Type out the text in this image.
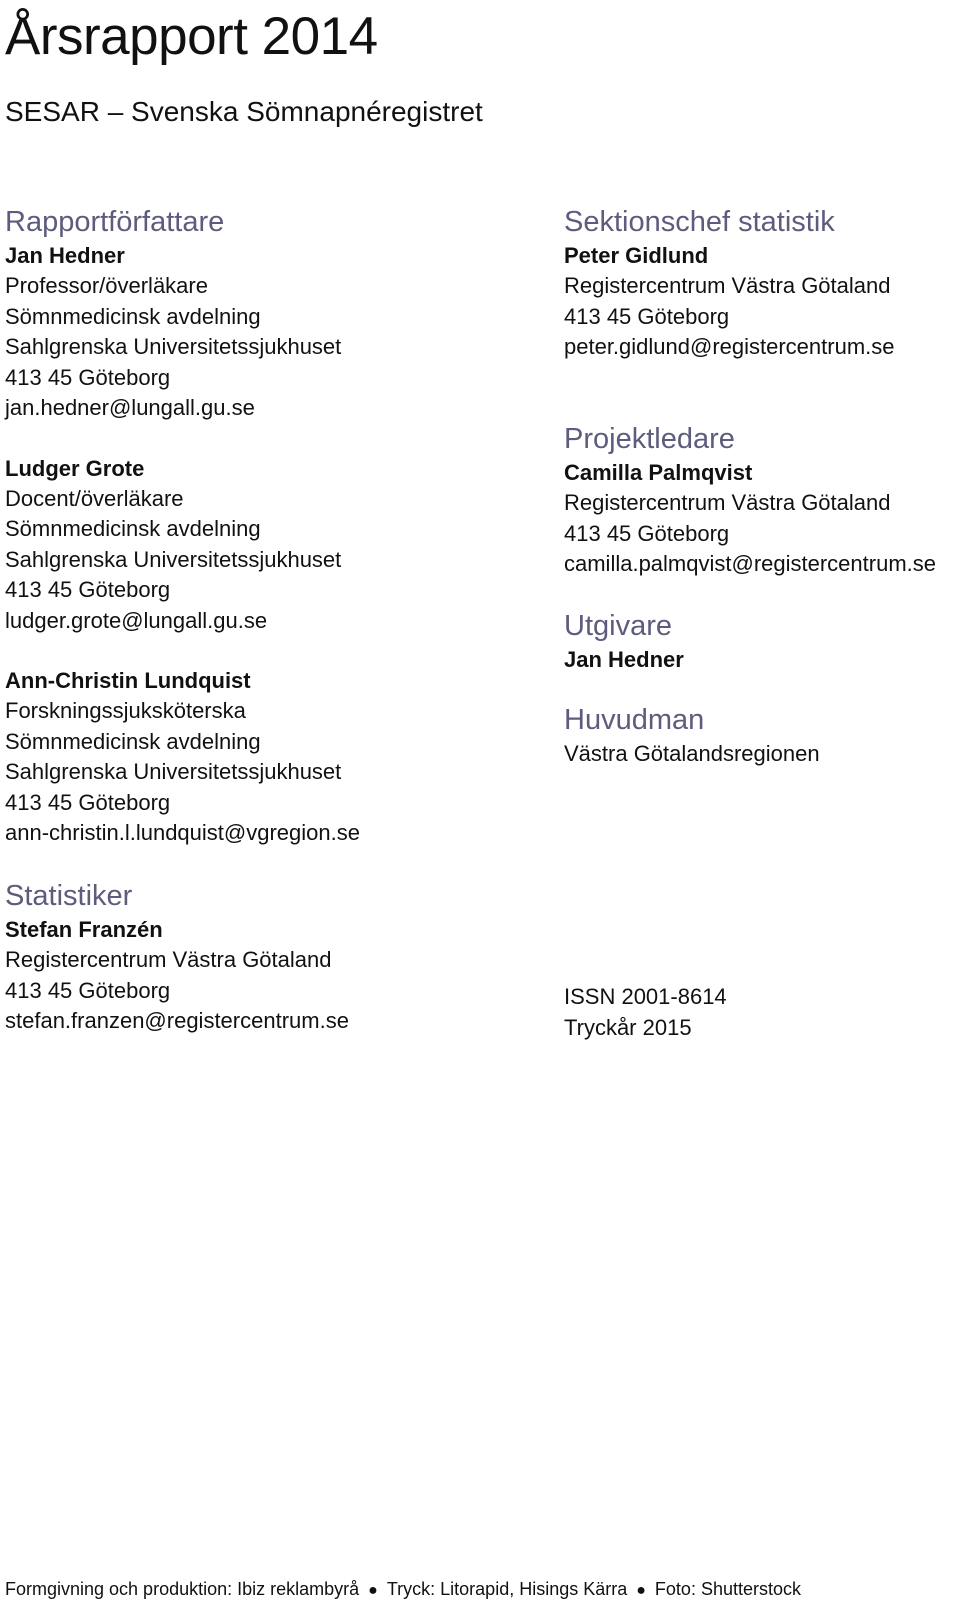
Årsrapport 2014
SESAR – Svenska Sömnapnéregistret
Rapportförfattare
Jan Hedner
Professor/överläkare
Sömnmedicinsk avdelning
Sahlgrenska Universitetssjukhuset
413 45 Göteborg
jan.hedner@lungall.gu.se
Ludger Grote
Docent/överläkare
Sömnmedicinsk avdelning
Sahlgrenska Universitetssjukhuset
413 45 Göteborg
ludger.grote@lungall.gu.se
Ann-Christin Lundquist
Forskningssjuksköterska
Sömnmedicinsk avdelning
Sahlgrenska Universitetssjukhuset
413 45 Göteborg
ann-christin.l.lundquist@vgregion.se
Statistiker
Stefan Franzén
Registercentrum Västra Götaland
413 45 Göteborg
stefan.franzen@registercentrum.se
Sektionschef statistik
Peter Gidlund
Registercentrum Västra Götaland
413 45 Göteborg
peter.gidlund@registercentrum.se
Projektledare
Camilla Palmqvist
Registercentrum Västra Götaland
413 45 Göteborg
camilla.palmqvist@registercentrum.se
Utgivare
Jan Hedner
Huvudman
Västra Götalandsregionen
ISSN 2001-8614
Tryckår 2015
Formgivning och produktion: Ibiz reklambyrå ● Tryck: Litorapid, Hisings Kärra ● Foto: Shutterstock
